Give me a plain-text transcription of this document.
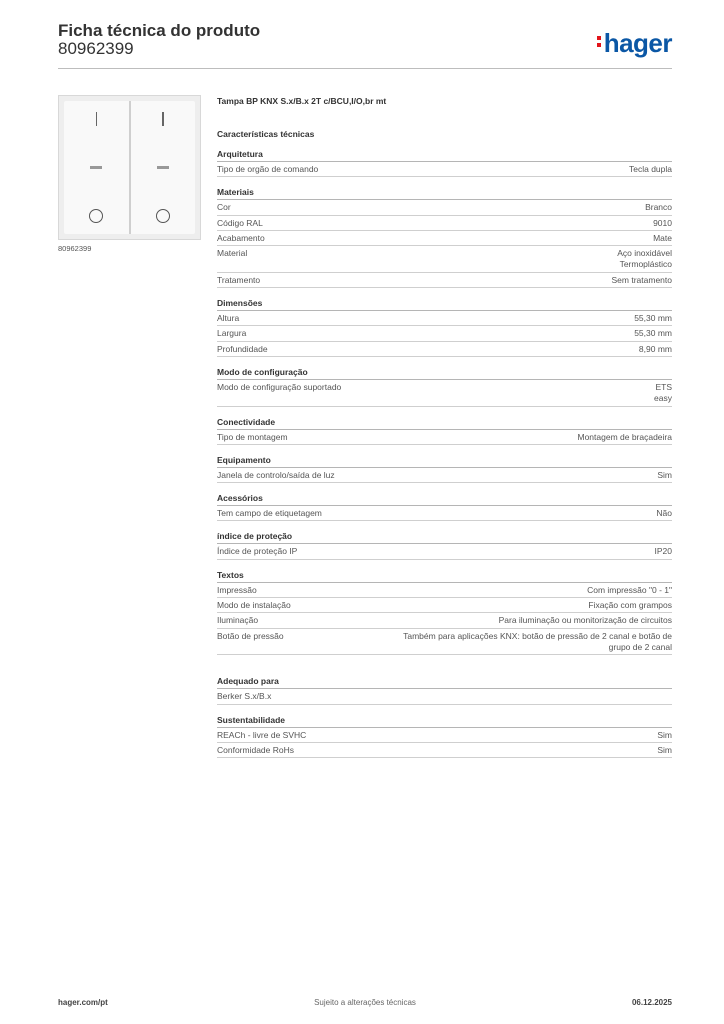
Ficha técnica do produto
80962399	hager
80962399
Tampa BP KNX S.x/B.x 2T c/BCU,I/O,br mt
Características técnicas
Arquitetura
Tipo de orgão de comando	Tecla dupla
Materiais
Cor	Branco
Código RAL	9010
Acabamento	Mate
Material	Aço inoxidável
Termoplástico
Tratamento	Sem tratamento
Dimensões
Altura	55,30 mm
Largura	55,30 mm
Profundidade	8,90 mm
Modo de configuração
Modo de configuração suportado	ETS
easy
Conectividade
Tipo de montagem	Montagem de braçadeira
Equipamento
Janela de controlo/saída de luz	Sim
Acessórios
Tem campo de etiquetagem	Não
índice de proteção
Índice de proteção IP	IP20
Textos
Impressão	Com impressão "0 - 1"
Modo de instalação	Fixação com grampos
Iluminação	Para iluminação ou monitorização de circuitos
Botão de pressão	Também para aplicações KNX: botão de pressão de 2 canal e botão de
grupo de 2 canal
Adequado para
Berker S.x/B.x
Sustentabilidade
REACh - livre de SVHC	Sim
Conformidade RoHs	Sim
hager.com/pt	Sujeito a alterações técnicas	06.12.2025
